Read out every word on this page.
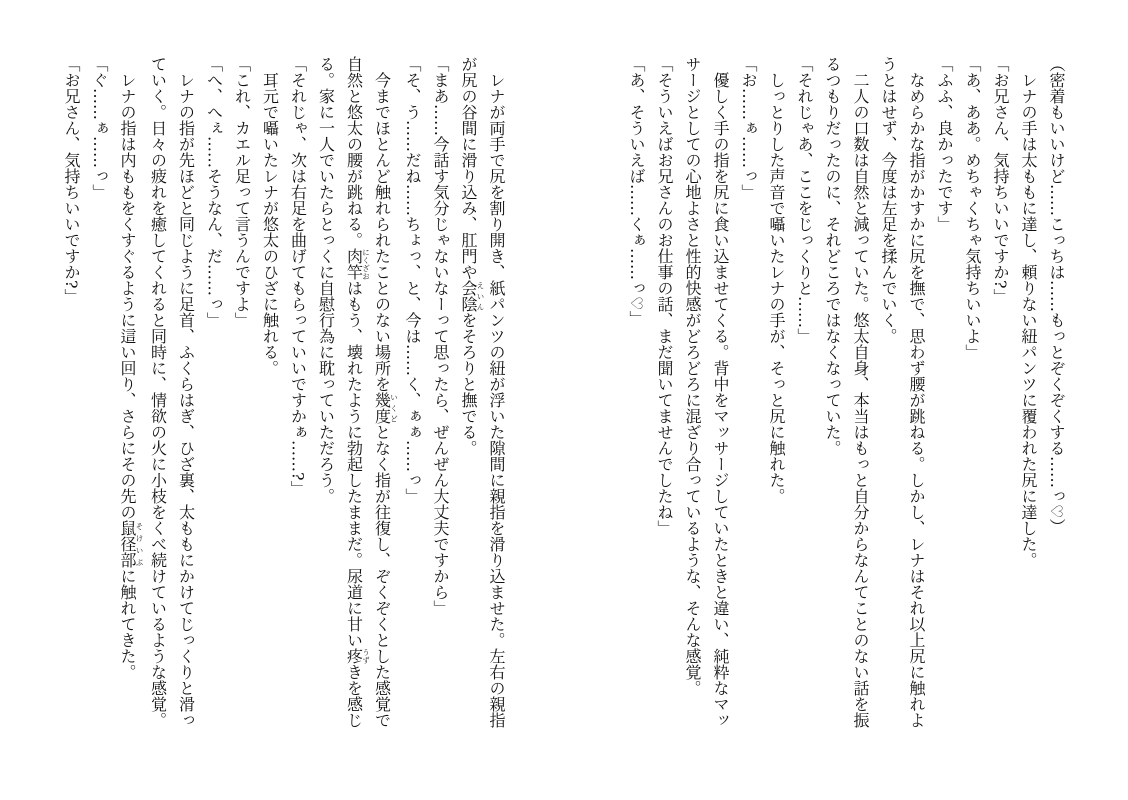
（密着もいいけど……こっちは……もっとぞくぞくする……っ♡）

レナの手は太ももに達し、頼りない紐パンツに覆われた尻に達した。

「お兄さん、気持ちいいですか?」

「あ、ああ。めちゃくちゃ気持ちいいよ」

「ふふ、良かったです」

なめらかな指がかすかに尻を撫で、思わず腰が跳ねる。しかし、レナはそれ以上尻に触れようとはせず、今度は左足を揉んでいく。

二人の口数は自然と減っていた。悠太自身、本当はもっと自分からなんてことのない話を振るつもりだったのに、それどころではなくなっていた。

「それじゃあ、ここをじっくりと……」

しっとりした声音で囁いたレナの手が、そっと尻に触れた。

「お……ぁ……っ」

優しく手の指を尻に食い込ませてくる。背中をマッサージしていたときと違い、純粋なマッサージとしての心地よさと性的快感がどろどろに混ざり合っているような、そんな感覚。

「そういえばお兄さんのお仕事の話、まだ聞いてませんでしたね」

「あ、そういえば……くぁ……っ♡」

レナが両手で尻を割り開き、紙パンツの紐が浮いた隙間に親指を滑り込ませた。左右の親指が尻の谷間に滑り込み、肛門や会陰えいんをそろりと撫でる。

「まあ……今話す気分じゃないなーって思ったら、ぜんぜん大丈夫ですから」

「そ、う……だね……ちょっ、と、今は……く、ぁぁ……っ」

今までほとんど触れられたことのない場所を幾度いくどとなく指が往復し、ぞくぞくとした感覚で自然と悠太の腰が跳ねる。肉竿にくざおはもう、壊れたように勃起したままだ。尿道に甘い疼うずきを感じる。家に一人でいたらとっくに自慰行為に耽っていただろう。

「それじゃ、次は右足を曲げてもらっていいですかぁ……?」

耳元で囁いたレナが悠太のひざに触れる。

「これ、カエル足って言うんですよ」

「へ、へぇ……そうなん、だ……っ」

レナの指が先ほどと同じように足首、ふくらはぎ、ひざ裏、太ももにかけてじっくりと滑っていく。日々の疲れを癒してくれると同時に、情欲の火に小枝をくべ続けているような感覚。

レナの指は内ももをくすぐるように這い回り、さらにその先の鼠径部そけいぶに触れてきた。

「ぐ……ぁ……っ」

「お兄さん、気持ちいいですか?」
